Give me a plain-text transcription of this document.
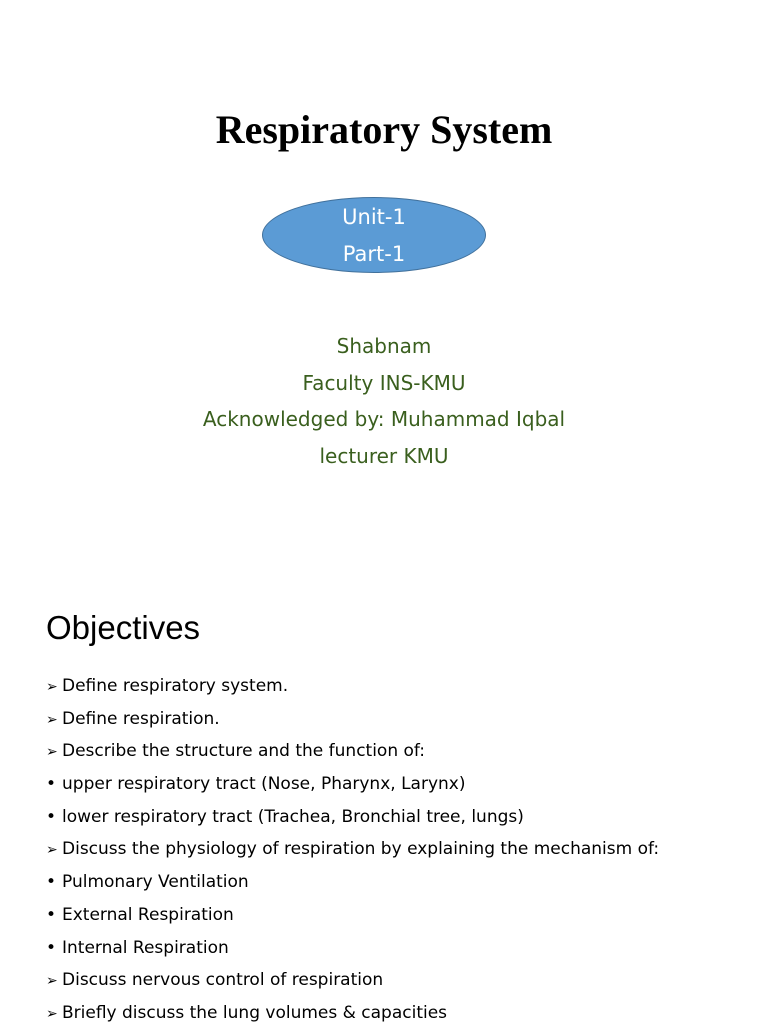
Respiratory System
Unit-1
Part-1
Shabnam
Faculty INS-KMU
Acknowledged by: Muhammad Iqbal
lecturer KMU
Objectives
➢ Define respiratory system.
➢ Define respiration.
➢ Describe the structure and the function of:
• upper respiratory tract (Nose, Pharynx, Larynx)
• lower respiratory tract (Trachea, Bronchial tree, lungs)
➢ Discuss the physiology of respiration by explaining the mechanism of:
• Pulmonary Ventilation
• External Respiration
• Internal Respiration
➢ Discuss nervous control of respiration
➢ Briefly discuss the lung volumes & capacities
